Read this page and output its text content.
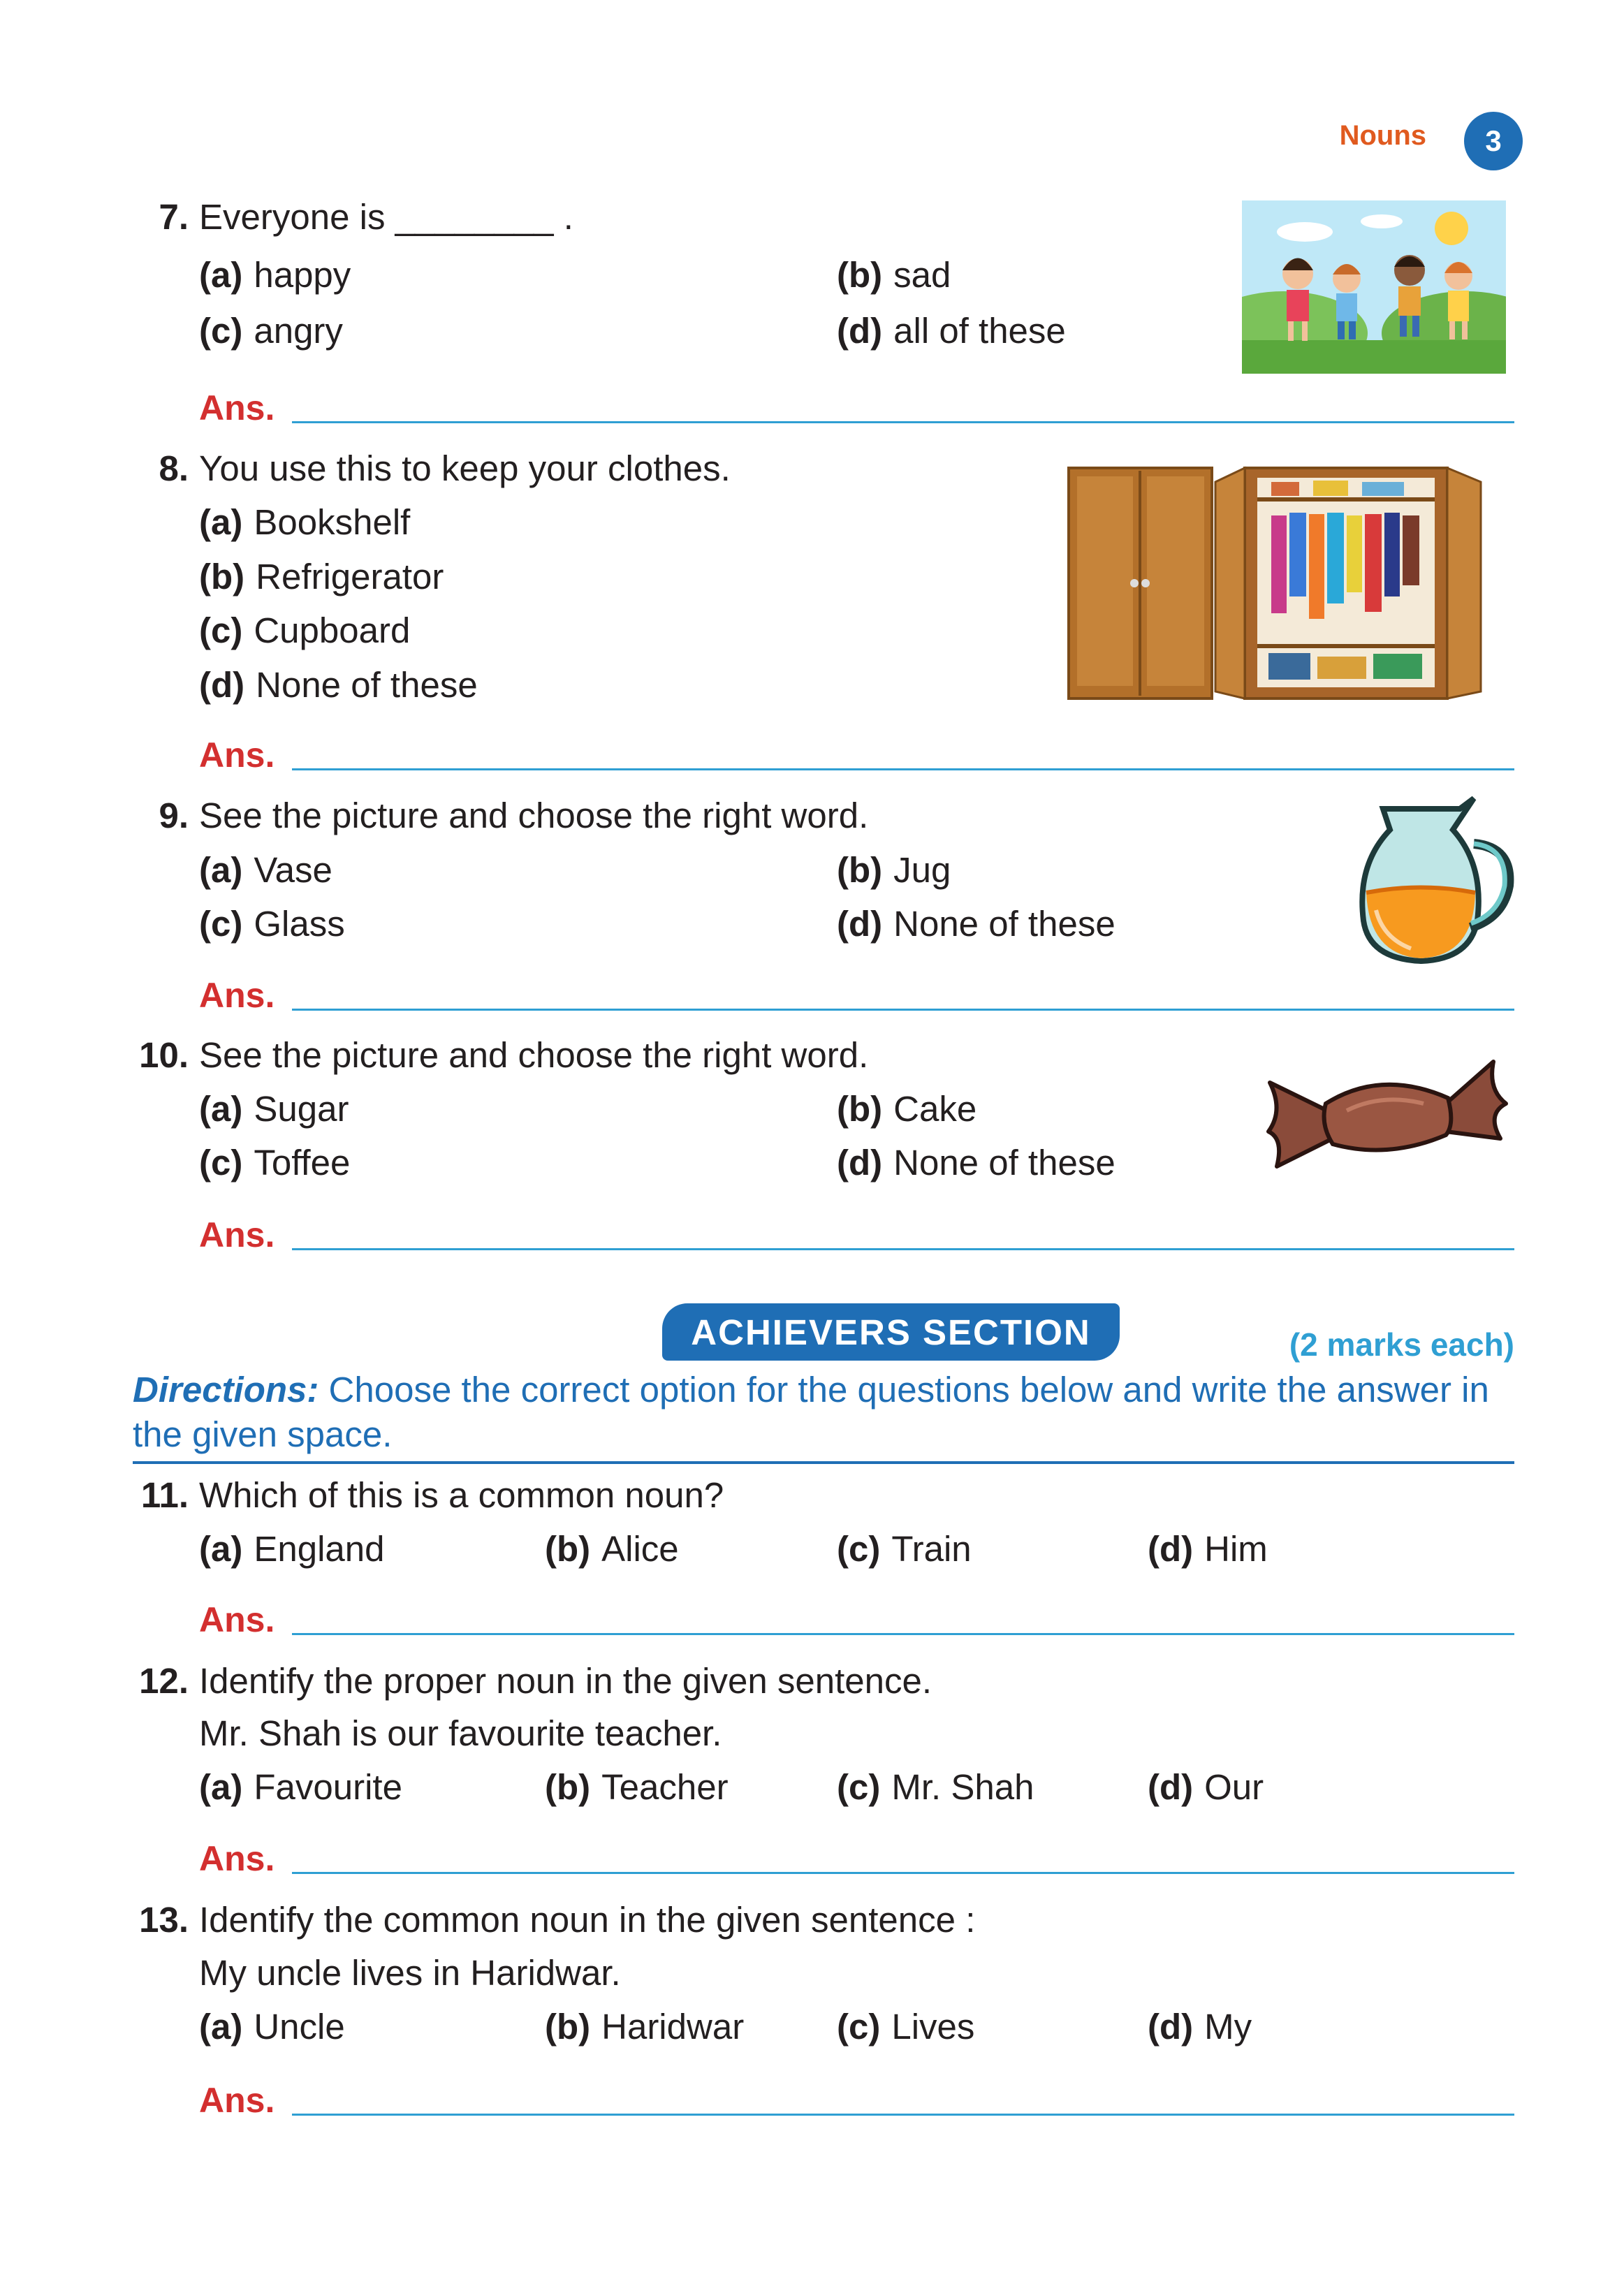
Nouns	3
7. Everyone is ________ .
(a) happy	(b) sad
(c) angry	(d) all of these
Ans.
8. You use this to keep your clothes.
(a) Bookshelf
(b) Refrigerator
(c) Cupboard
(d) None of these
Ans.
9. See the picture and choose the right word.
(a) Vase	(b) Jug
(c) Glass	(d) None of these
Ans.
10. See the picture and choose the right word.
(a) Sugar	(b) Cake
(c) Toffee	(d) None of these
Ans.
ACHIEVERS SECTION	(2 marks each)
Directions: Choose the correct option for the questions below and write the answer in the given space.
11. Which of this is a common noun?
(a) England	(b) Alice	(c) Train	(d) Him
Ans.
12. Identify the proper noun in the given sentence.
Mr. Shah is our favourite teacher.
(a) Favourite	(b) Teacher	(c) Mr. Shah	(d) Our
Ans.
13. Identify the common noun in the given sentence :
My uncle lives in Haridwar.
(a) Uncle	(b) Haridwar	(c) Lives	(d) My
Ans.
